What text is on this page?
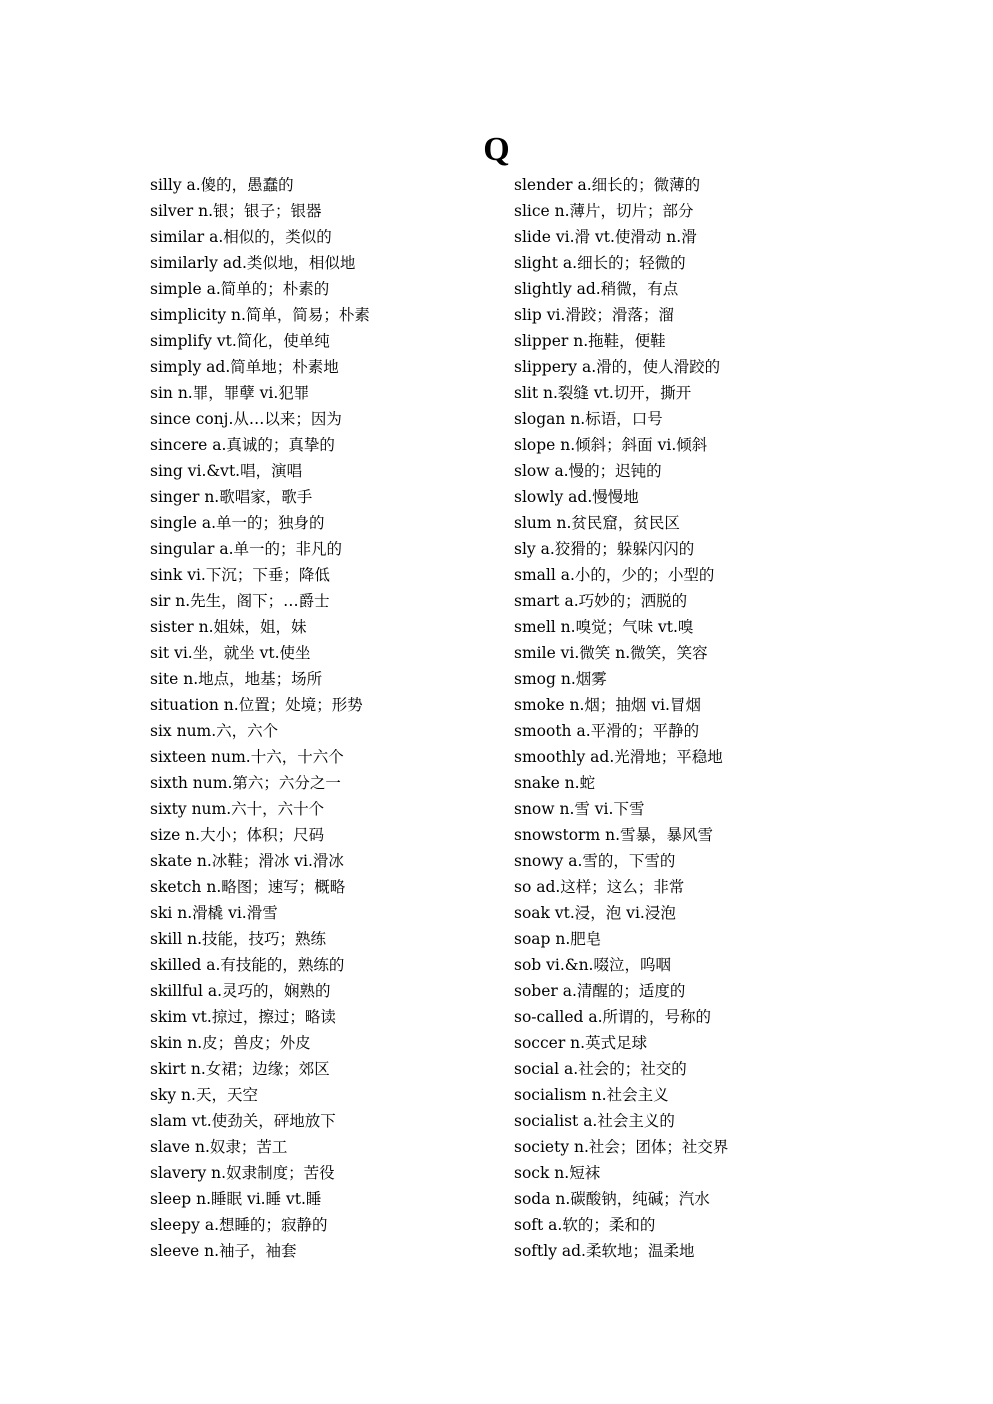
Q
silly a.傻的，愚蠢的
silver n.银；银子；银器
similar a.相似的，类似的
similarly ad.类似地，相似地
simple a.简单的；朴素的
simplicity n.简单，简易；朴素
simplify vt.简化，使单纯
simply ad.简单地；朴素地
sin n.罪，罪孽 vi.犯罪
since conj.从…以来；因为
sincere a.真诚的；真挚的
sing vi.&vt.唱，演唱
singer n.歌唱家，歌手
single a.单一的；独身的
singular a.单一的；非凡的
sink vi.下沉；下垂；降低
sir n.先生，阁下；…爵士
sister n.姐妹，姐，妹
sit vi.坐，就坐 vt.使坐
site n.地点，地基；场所
situation n.位置；处境；形势
six num.六，六个
sixteen num.十六，十六个
sixth num.第六；六分之一
sixty num.六十，六十个
size n.大小；体积；尺码
skate n.冰鞋；滑冰 vi.滑冰
sketch n.略图；速写；概略
ski n.滑橇 vi.滑雪
skill n.技能，技巧；熟练
skilled a.有技能的，熟练的
skillful a.灵巧的，娴熟的
skim vt.掠过，擦过；略读
skin n.皮；兽皮；外皮
skirt n.女裙；边缘；郊区
sky n.天，天空
slam vt.使劲关，砰地放下
slave n.奴隶；苦工
slavery n.奴隶制度；苦役
sleep n.睡眠 vi.睡 vt.睡
sleepy a.想睡的；寂静的
sleeve n.袖子，袖套
slender a.细长的；微薄的
slice n.薄片，切片；部分
slide vi.滑 vt.使滑动 n.滑
slight a.细长的；轻微的
slightly ad.稍微，有点
slip vi.滑跤；滑落；溜
slipper n.拖鞋，便鞋
slippery a.滑的，使人滑跤的
slit n.裂缝 vt.切开，撕开
slogan n.标语，口号
slope n.倾斜；斜面 vi.倾斜
slow a.慢的；迟钝的
slowly ad.慢慢地
slum n.贫民窟，贫民区
sly a.狡猾的；躲躲闪闪的
small a.小的，少的；小型的
smart a.巧妙的；洒脱的
smell n.嗅觉；气味 vt.嗅
smile vi.微笑 n.微笑，笑容
smog n.烟雾
smoke n.烟；抽烟 vi.冒烟
smooth a.平滑的；平静的
smoothly ad.光滑地；平稳地
snake n.蛇
snow n.雪 vi.下雪
snowstorm n.雪暴，暴风雪
snowy a.雪的，下雪的
so ad.这样；这么；非常
soak vt.浸，泡 vi.浸泡
soap n.肥皂
sob vi.&n.啜泣，呜咽
sober a.清醒的；适度的
so-called a.所谓的，号称的
soccer n.英式足球
social a.社会的；社交的
socialism n.社会主义
socialist a.社会主义的
society n.社会；团体；社交界
sock n.短袜
soda n.碳酸钠，纯碱；汽水
soft a.软的；柔和的
softly ad.柔软地；温柔地
